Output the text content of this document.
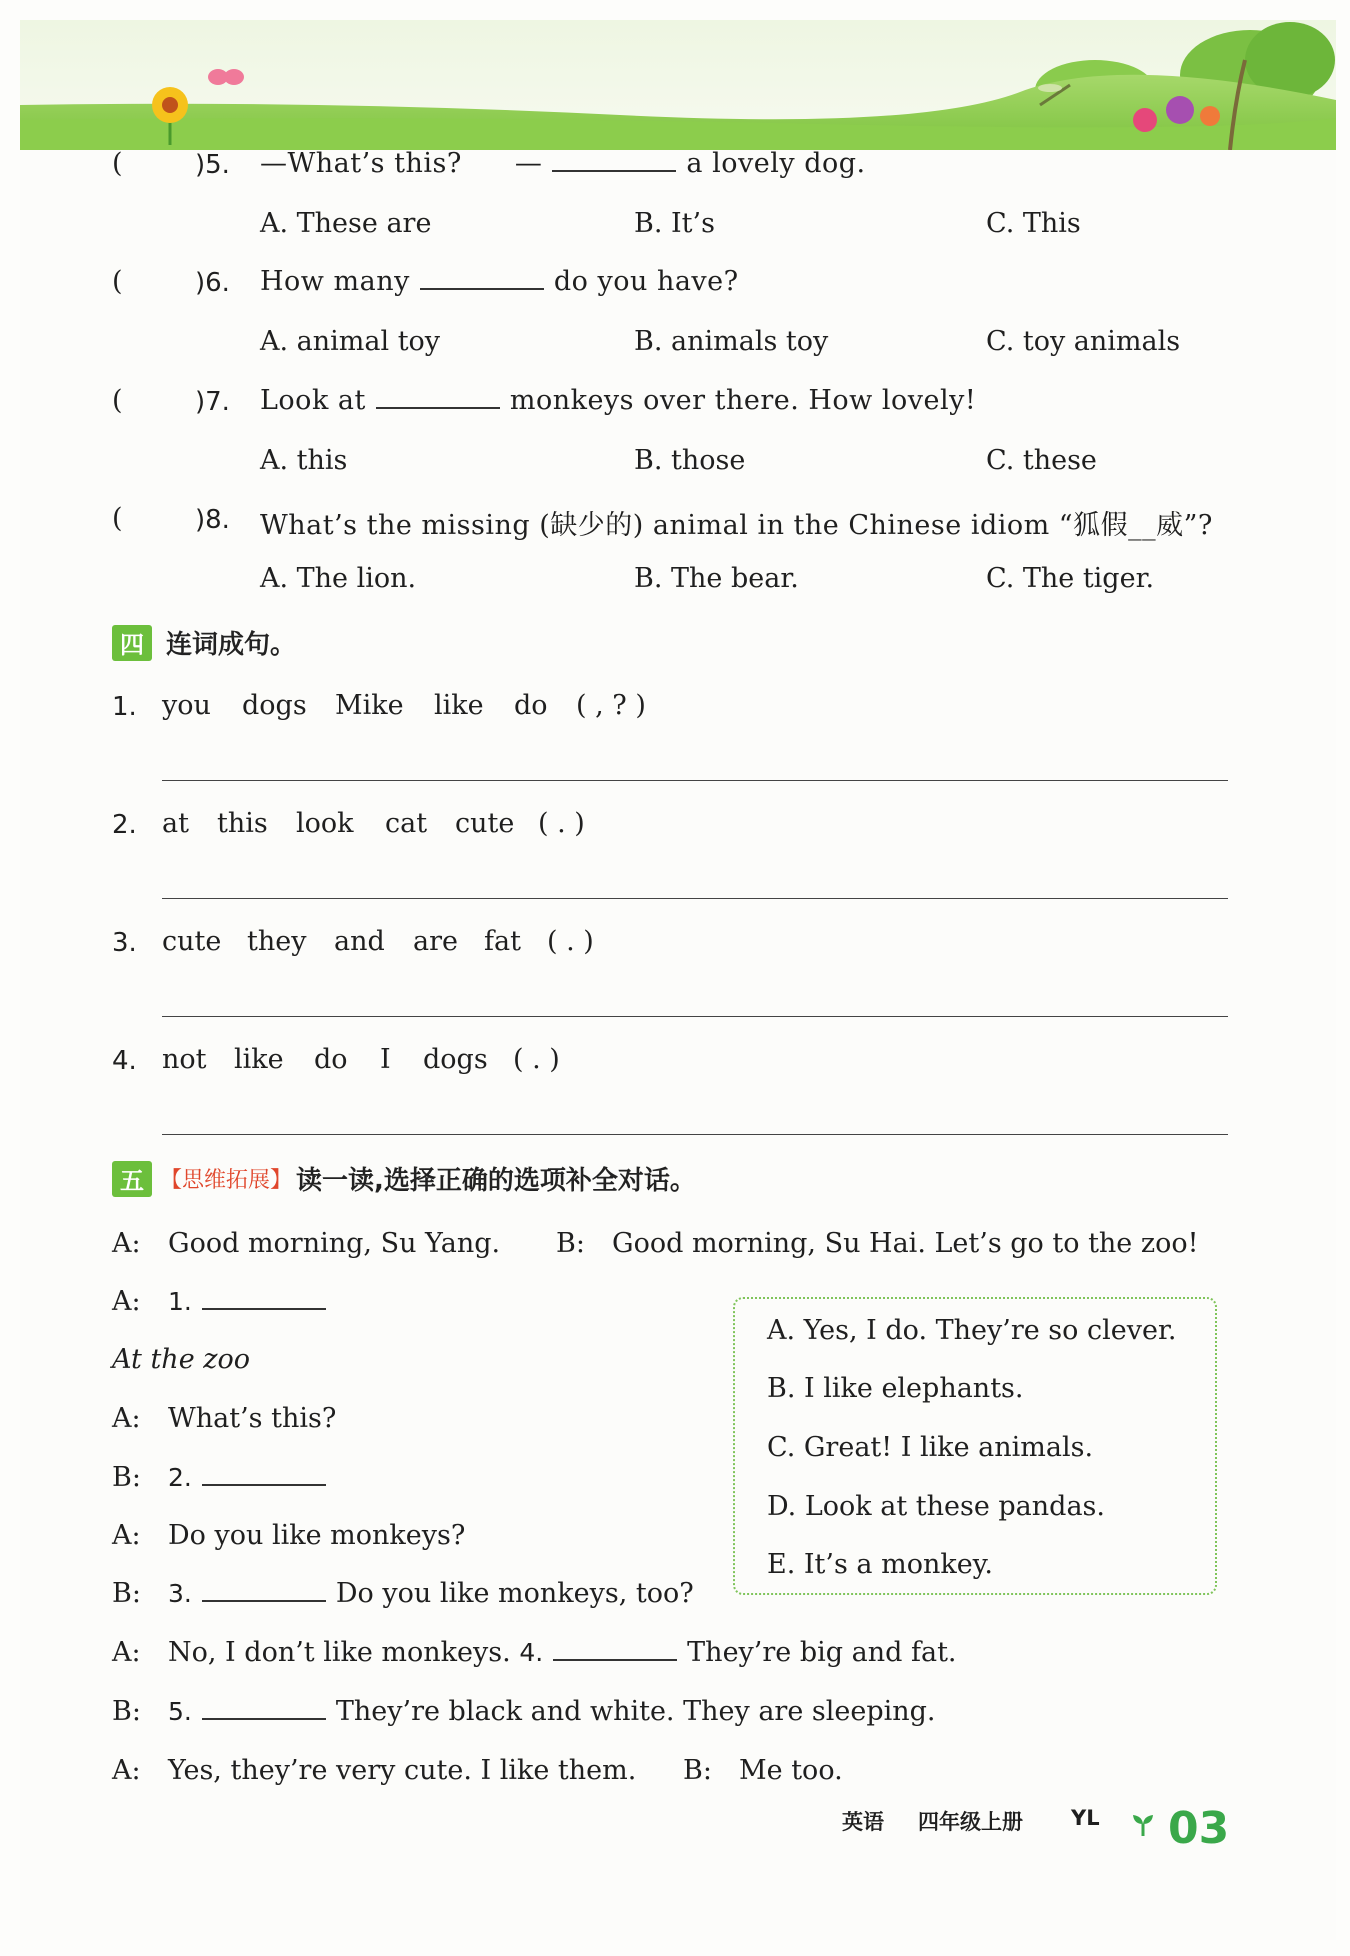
(	)5. —What’s this? —	a lovely dog.
A. These are	B. It’s	C. This
(	)6. How many	do you have?
A. animal toy	B. animals toy	C. toy animals
(	)7. Look at	monkeys over there. How lovely!
A. this	B. those	C. these
(	)8. What’s the missing (缺少的) animal in the Chinese idiom “狐假__威”?
A. The lion.	B. The bear.	C. The tiger.
四 连词成句。
1. you dogs Mike like do ( , ? )
2. at this look cat cute ( . )
3. cute they and are fat ( . )
4. not like do I dogs ( . )
五 【思维拓展】 读一读,选择正确的选项补全对话。
A: Good morning, Su Yang. B: Good morning, Su Hai. Let’s go to the zoo!
A: 1.
At the zoo
A: What’s this?
B: 2.
A: Do you like monkeys?
B: 3.	Do you like monkeys, too?
A: No, I don’t like monkeys. 4.	They’re big and fat.
B: 5.	They’re black and white. They are sleeping.
A: Yes, they’re very cute. I like them. B: Me too.
A. Yes, I do. They’re so clever.
B. I like elephants.
C. Great! I like animals.
D. Look at these pandas.
E. It’s a monkey.
英语 四年级上册 YL 03
